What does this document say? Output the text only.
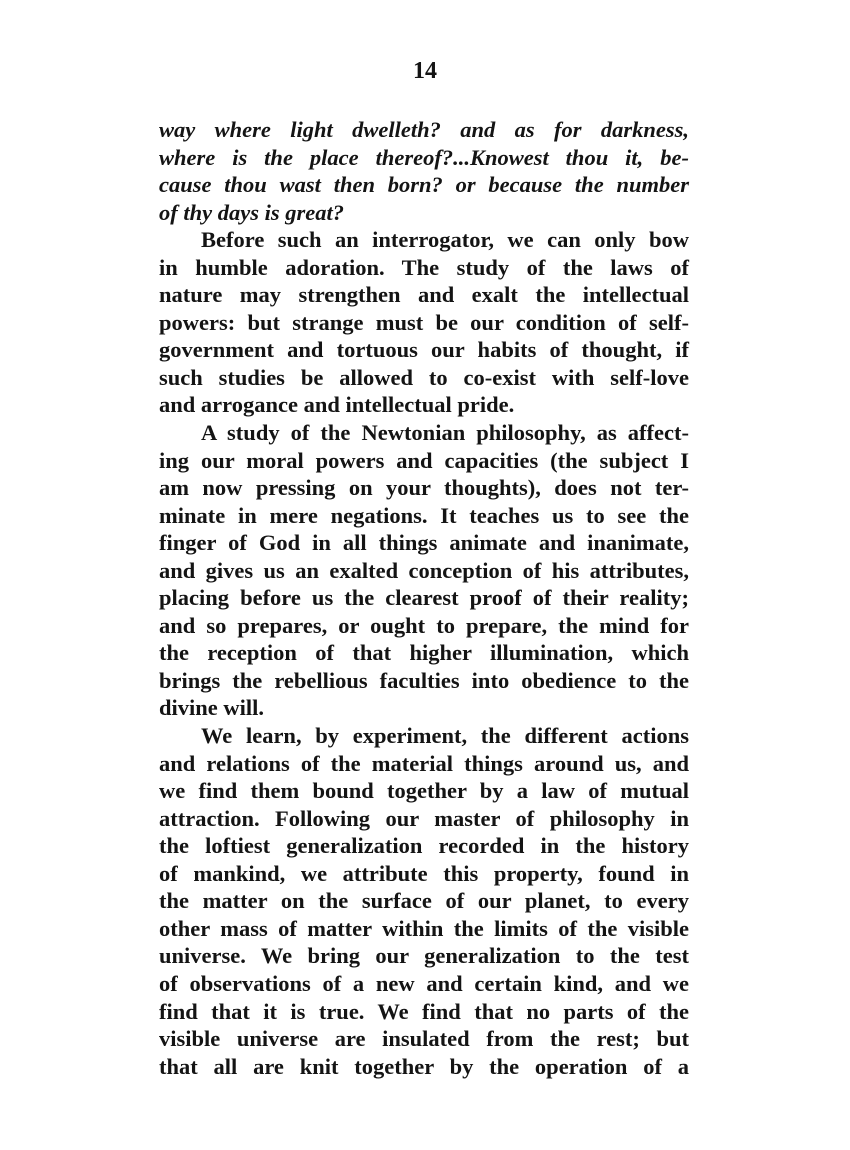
14
way where light dwelleth? and as for darkness,
where is the place thereof?...Knowest thou it, be-
cause thou wast then born? or because the number
of thy days is great?
Before such an interrogator, we can only bow
in humble adoration. The study of the laws of
nature may strengthen and exalt the intellectual
powers: but strange must be our condition of self-
government and tortuous our habits of thought, if
such studies be allowed to co-exist with self-love
and arrogance and intellectual pride.
A study of the Newtonian philosophy, as affect-
ing our moral powers and capacities (the subject I
am now pressing on your thoughts), does not ter-
minate in mere negations. It teaches us to see the
finger of God in all things animate and inanimate,
and gives us an exalted conception of his attributes,
placing before us the clearest proof of their reality;
and so prepares, or ought to prepare, the mind for
the reception of that higher illumination, which
brings the rebellious faculties into obedience to the
divine will.
We learn, by experiment, the different actions
and relations of the material things around us, and
we find them bound together by a law of mutual
attraction. Following our master of philosophy in
the loftiest generalization recorded in the history
of mankind, we attribute this property, found in
the matter on the surface of our planet, to every
other mass of matter within the limits of the visible
universe. We bring our generalization to the test
of observations of a new and certain kind, and we
find that it is true. We find that no parts of the
visible universe are insulated from the rest; but
that all are knit together by the operation of a
